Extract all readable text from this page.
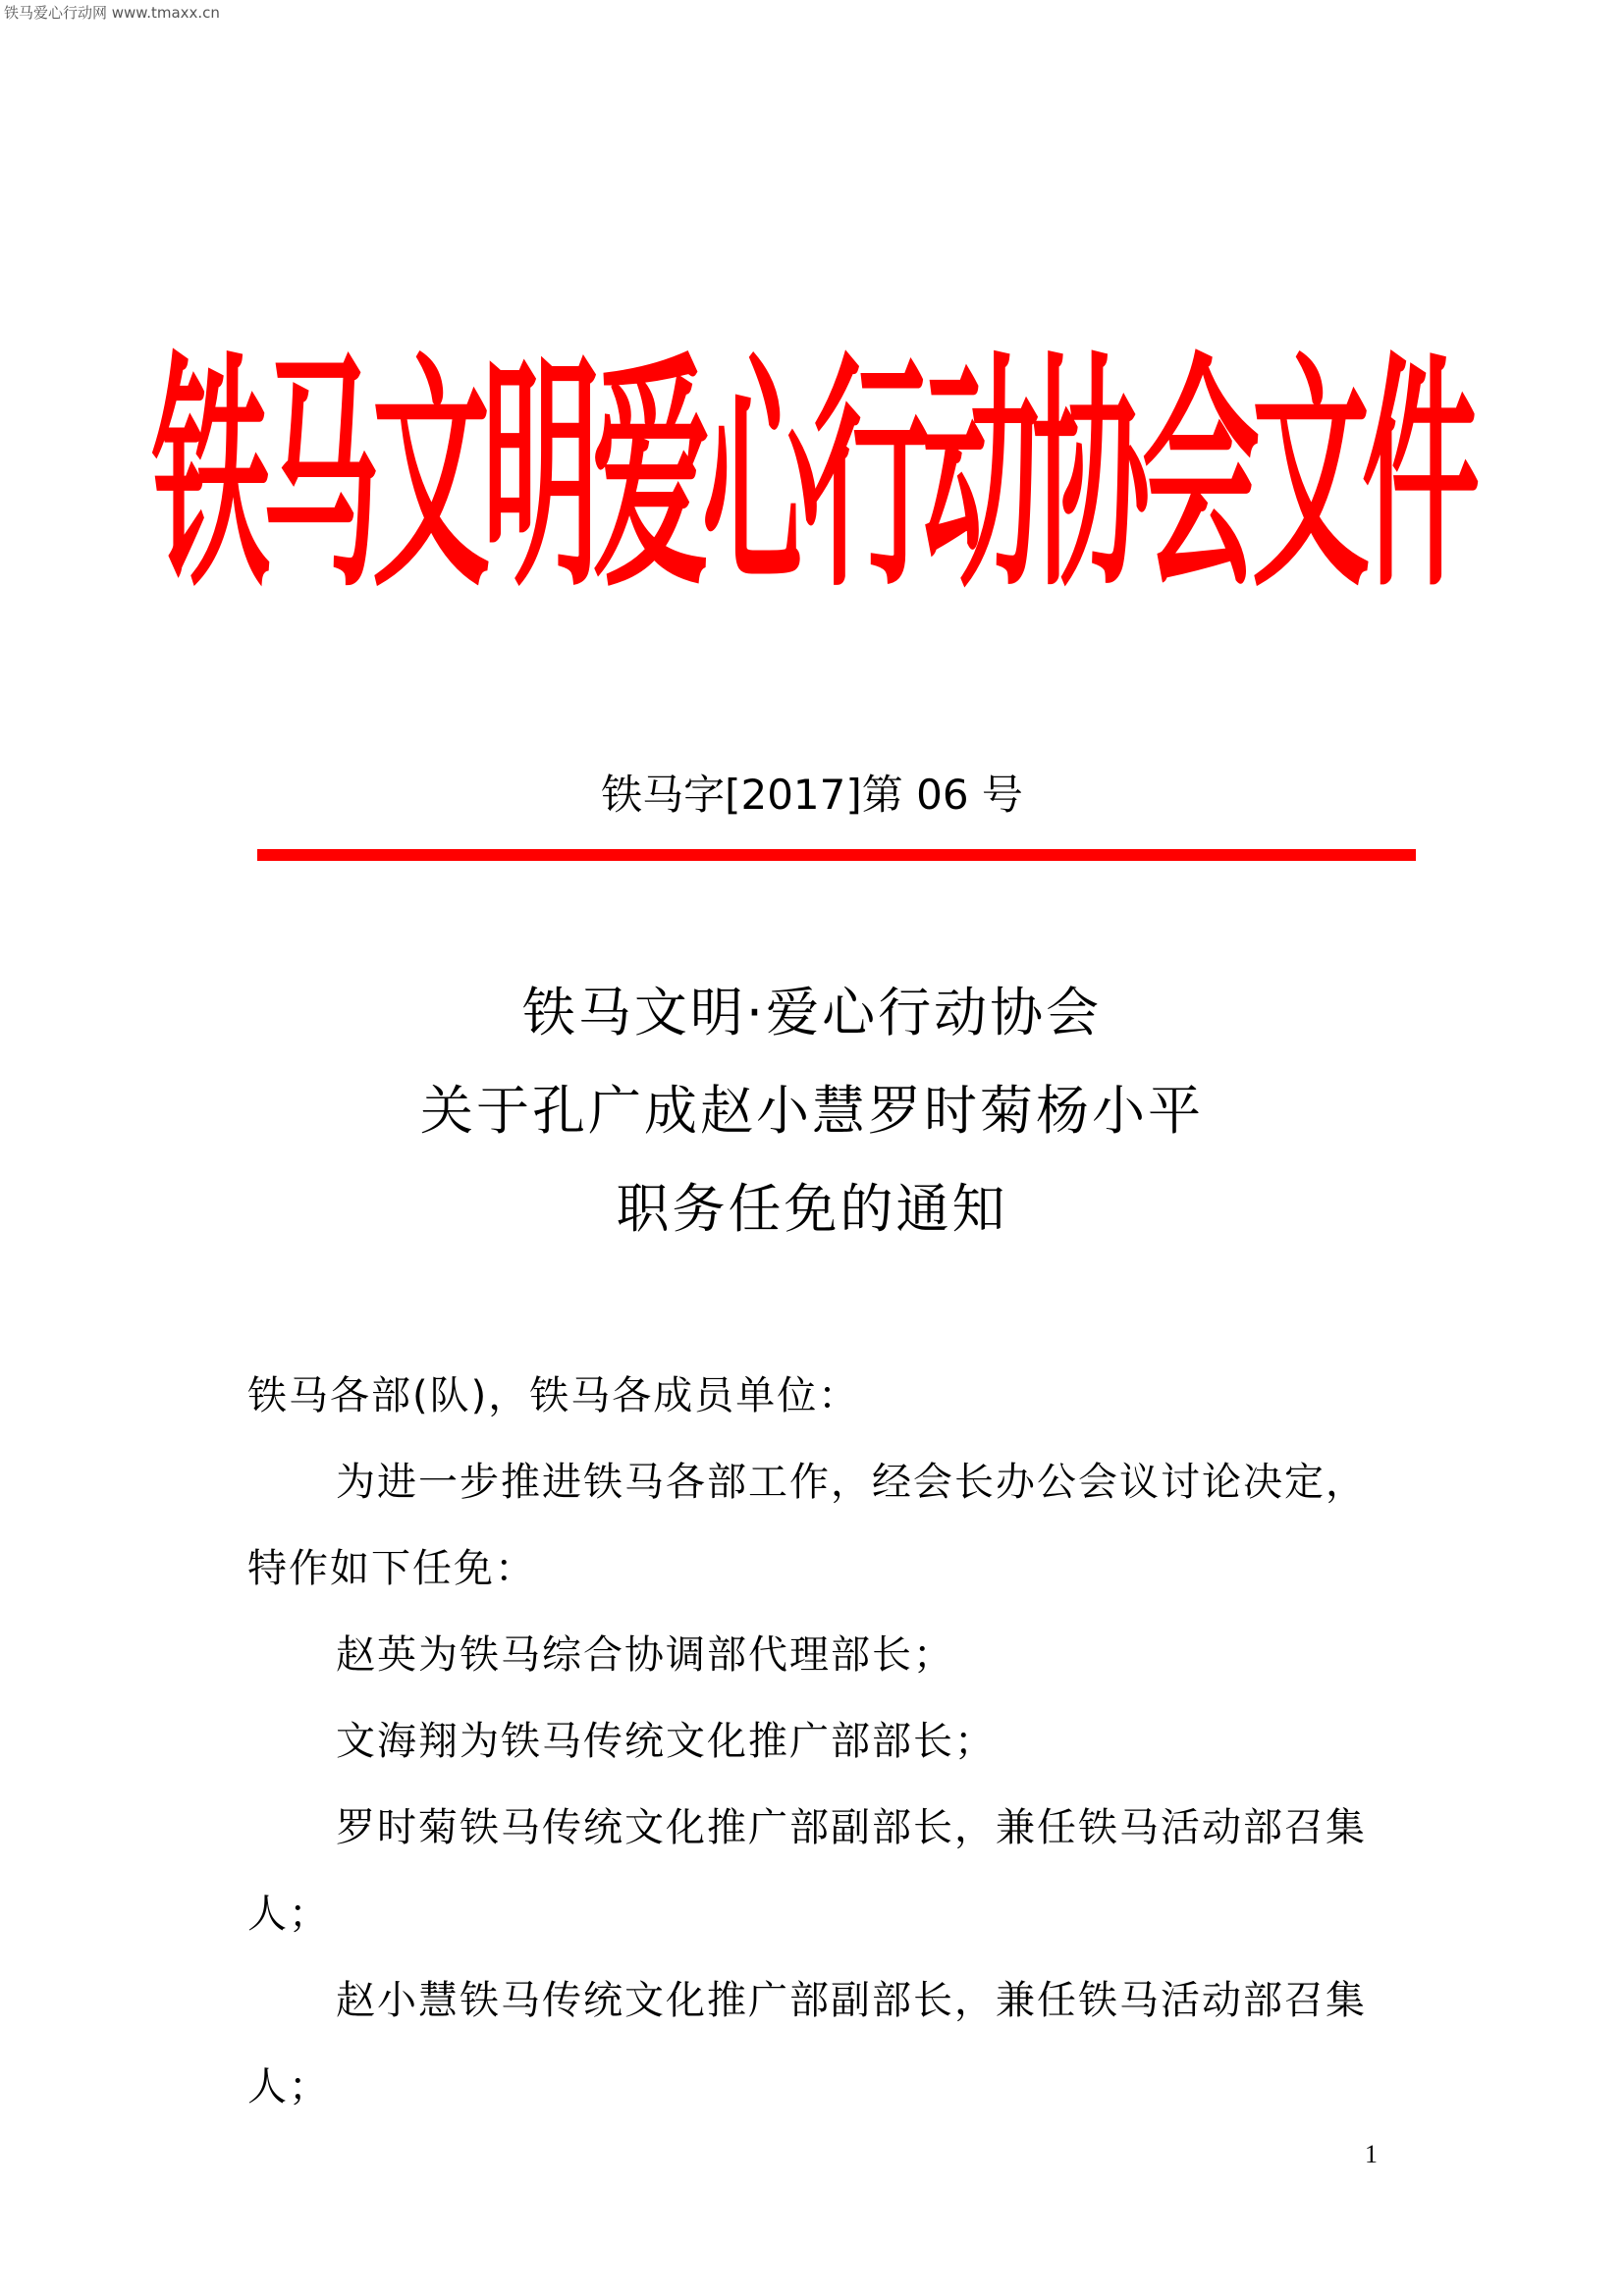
铁马爱心行动网 www.tmaxx.cn
铁马文明爱心行动协会文件
铁马字[2017]第 06 号
铁马文明·爱心行动协会
关于孔广成赵小慧罗时菊杨小平
职务任免的通知

铁马各部(队)，铁马各成员单位：

为进一步推进铁马各部工作，经会长办公会议讨论决定，特作如下任免：

赵英为铁马综合协调部代理部长；

文海翔为铁马传统文化推广部部长；

罗时菊铁马传统文化推广部副部长，兼任铁马活动部召集人；

赵小慧铁马传统文化推广部副部长，兼任铁马活动部召集人；

1
